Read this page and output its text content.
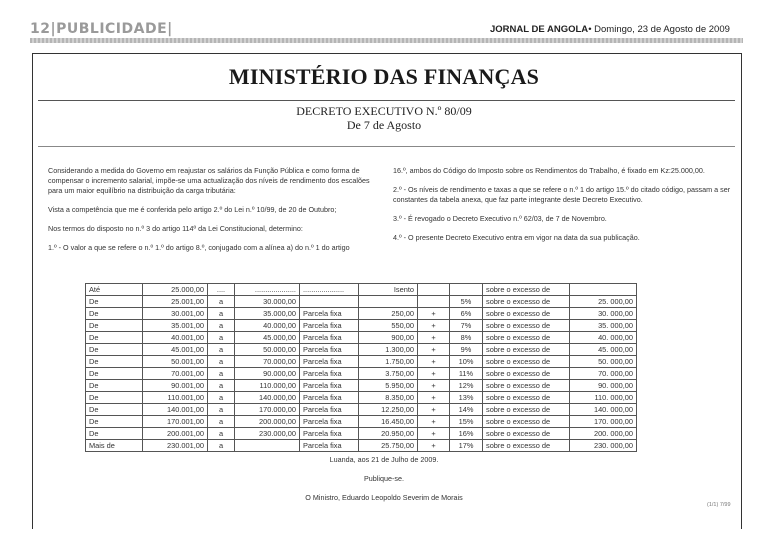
12|PUBLICIDADE|	JORNAL DE ANGOLA• Domingo, 23 de Agosto de 2009
MINISTÉRIO DAS FINANÇAS
DECRETO EXECUTIVO N.º 80/09
De 7 de Agosto

Considerando a medida do Governo em reajustar os salários da Função Pública e como forma de compensar o incremento salarial, impõe-se uma actualização dos níveis de rendimento dos escalões para um maior equilíbrio na distribuição da carga tributária:

Vista a competência que me é conferida pelo artigo 2.º do Lei n.º 10/99, de 20 de Outubro;

Nos termos do disposto no n.º 3 do artigo 114º da Lei Constitucional, determino:

1.º - O valor a que se refere o n.º 1.º do artigo 8.º, conjugado com a alínea a) do n.º 1 do artigo

16.º, ambos do Código do Imposto sobre os Rendimentos do Trabalho, é fixado em Kz:25.000,00.

2.º - Os níveis de rendimento e taxas a que se refere o n.º 1 do artigo 15.º do citado código, passam a ser constantes da tabela anexa, que faz parte integrante deste Decreto Executivo.

3.º - É revogado o Decreto Executivo n.º 62/03, de 7 de Novembro.

4.º - O presente Decreto Executivo entra em vigor na data da sua publicação.

Até	25.000,00	....	....................	....................	Isento			sobre o excesso de	
De	25.001,00	a	30.000,00				5%	sobre o excesso de	25. 000,00
De	30.001,00	a	35.000,00	Parcela fixa	250,00	+	6%	sobre o excesso de	30. 000,00
De	35.001,00	a	40.000,00	Parcela fixa	550,00	+	7%	sobre o excesso de	35. 000,00
De	40.001,00	a	45.000,00	Parcela fixa	900,00	+	8%	sobre o excesso de	40. 000,00
De	45.001,00	a	50.000,00	Parcela fixa	1.300,00	+	9%	sobre o excesso de	45. 000,00
De	50.001,00	a	70.000,00	Parcela fixa	1.750,00	+	10%	sobre o excesso de	50. 000,00
De	70.001,00	a	90.000,00	Parcela fixa	3.750,00	+	11%	sobre o excesso de	70. 000,00
De	90.001,00	a	110.000,00	Parcela fixa	5.950,00	+	12%	sobre o excesso de	90. 000,00
De	110.001,00	a	140.000,00	Parcela fixa	8.350,00	+	13%	sobre o excesso de	110. 000,00
De	140.001,00	a	170.000,00	Parcela fixa	12.250,00	+	14%	sobre o excesso de	140. 000,00
De	170.001,00	a	200.000,00	Parcela fixa	16.450,00	+	15%	sobre o excesso de	170. 000,00
De	200.001,00	a	230.000,00	Parcela fixa	20.950,00	+	16%	sobre o excesso de	200. 000,00
Mais de	230.001,00	a		Parcela fixa	25.750,00	+	17%	sobre o excesso de	230. 000,00
Luanda, aos 21 de Julho de 2009.
Publique-se.
O Ministro, Eduardo Leopoldo Severim de Morais
(1/1) 7/99
